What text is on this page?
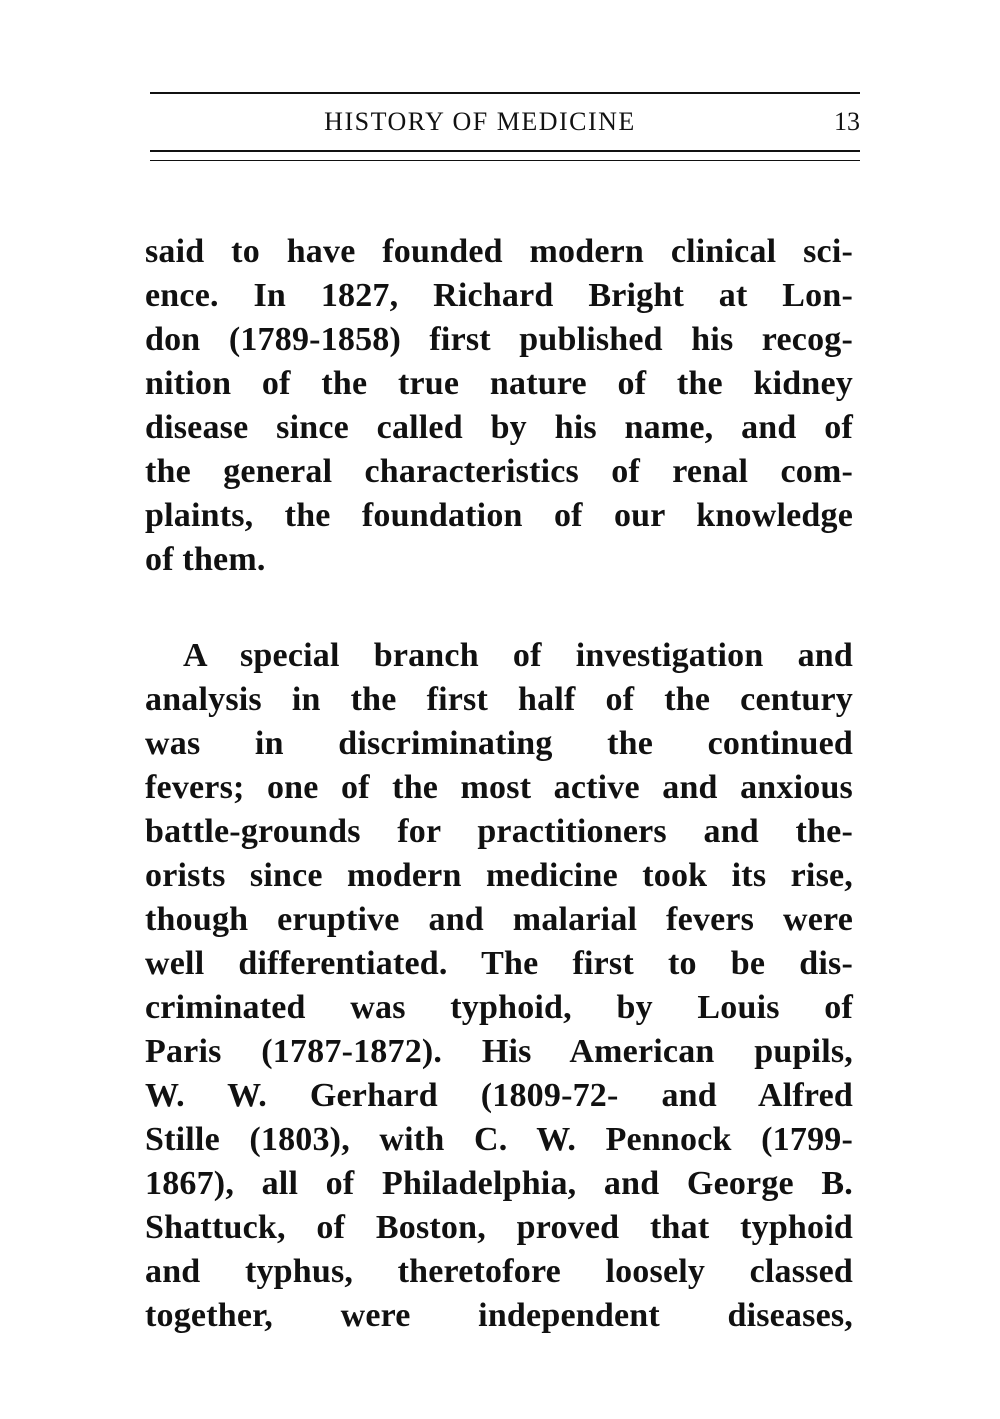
HISTORY OF MEDICINE	13
said to have founded modern clinical sci-
ence. In 1827, Richard Bright at Lon-
don (1789-1858) first published his recog-
nition of the true nature of the kidney
disease since called by his name, and of
the general characteristics of renal com-
plaints, the foundation of our knowledge
of them.
A special branch of investigation and
analysis in the first half of the century
was in discriminating the continued
fevers; one of the most active and anxious
battle-grounds for practitioners and the-
orists since modern medicine took its rise,
though eruptive and malarial fevers were
well differentiated. The first to be dis-
criminated was typhoid, by Louis of
Paris (1787-1872). His American pupils,
W. W. Gerhard (1809-72- and Alfred
Stille (1803), with C. W. Pennock (1799-
1867), all of Philadelphia, and George B.
Shattuck, of Boston, proved that typhoid
and typhus, theretofore loosely classed
together, were independent diseases,
